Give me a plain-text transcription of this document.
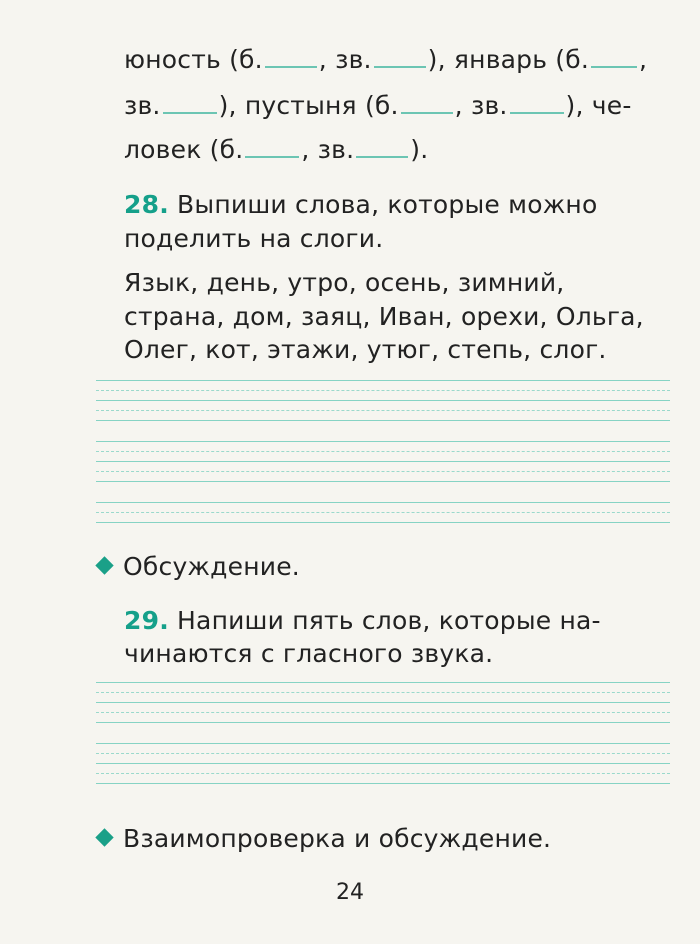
юность (б. , зв. ), январь (б. ,
зв. ), пустыня (б. , зв. ), че-
ловек (б. , зв. ).
28. Выпиши слова, которые можно
поделить на слоги.
Язык, день, утро, осень, зимний,
страна, дом, заяц, Иван, орехи, Ольга,
Олег, кот, этажи, утюг, степь, слог.
Обсуждение.
29. Напиши пять слов, которые на-
чинаются с гласного звука.
Взаимопроверка и обсуждение.
24
